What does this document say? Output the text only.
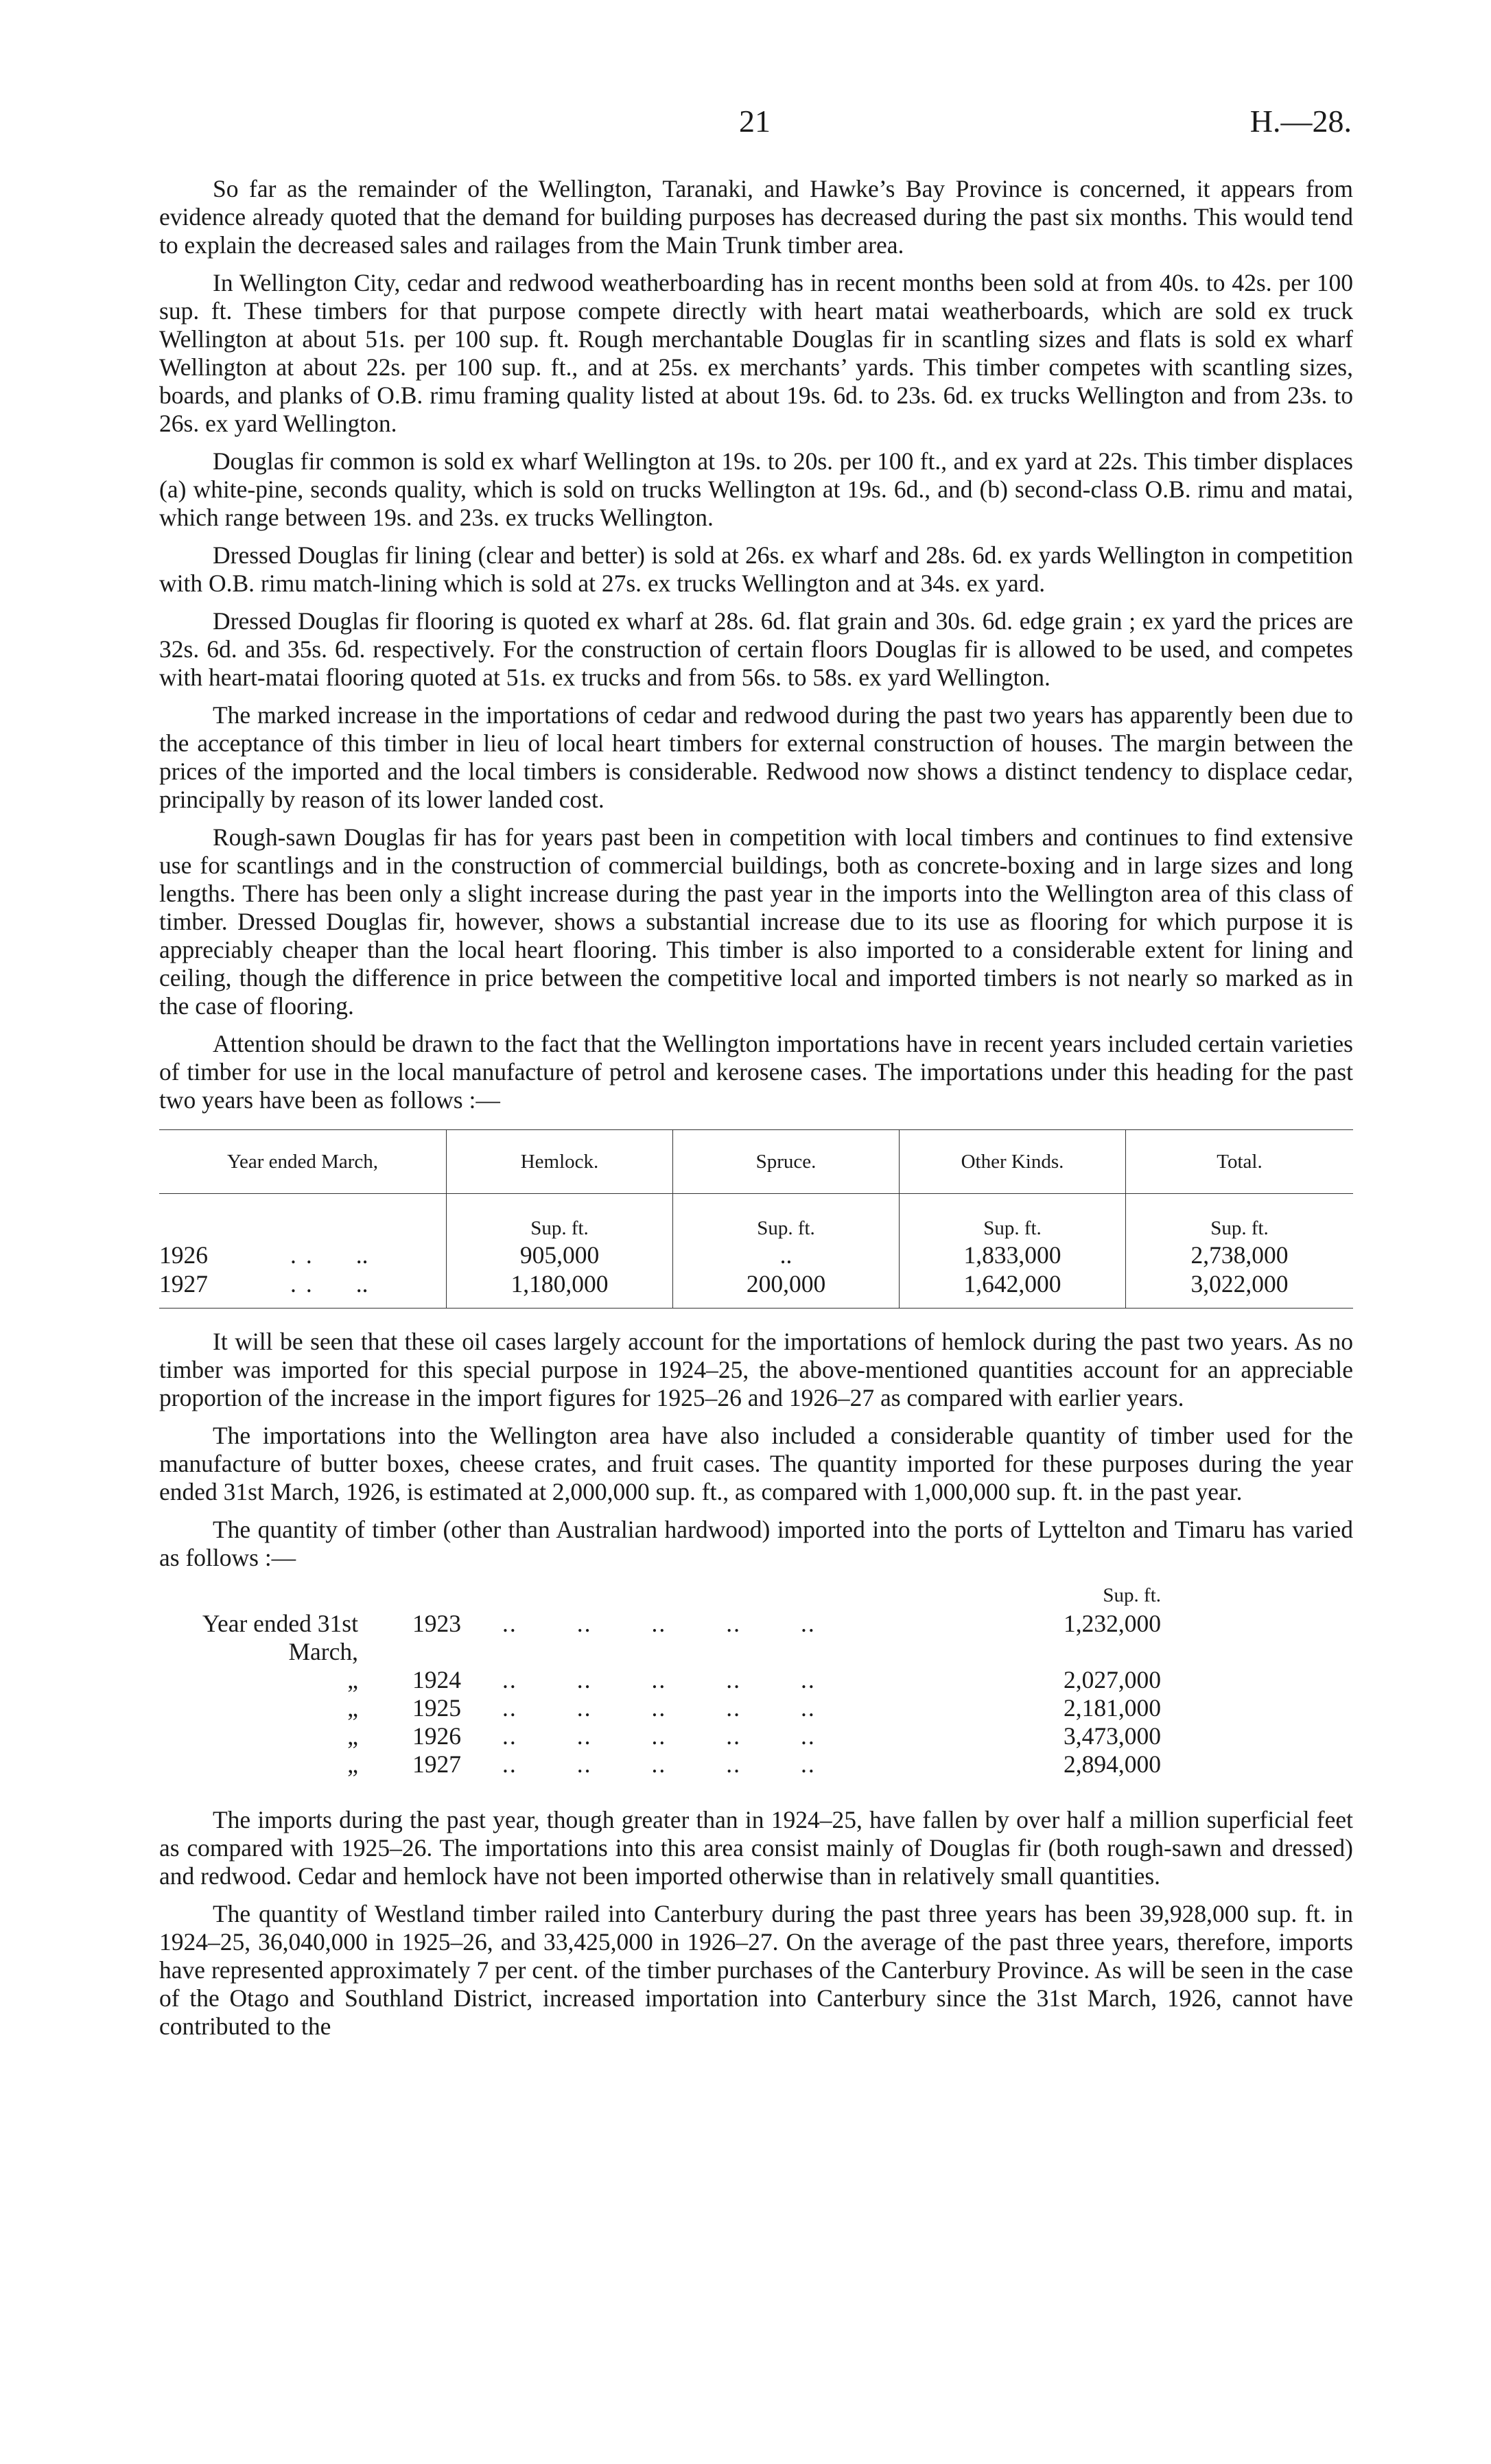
21	H.—28.

So far as the remainder of the Wellington, Taranaki, and Hawke’s Bay Province is concerned, it appears from evidence already quoted that the demand for building purposes has decreased during the past six months. This would tend to explain the decreased sales and railages from the Main Trunk timber area.

In Wellington City, cedar and redwood weatherboarding has in recent months been sold at from 40s. to 42s. per 100 sup. ft. These timbers for that purpose compete directly with heart matai weatherboards, which are sold ex truck Wellington at about 51s. per 100 sup. ft. Rough merchantable Douglas fir in scantling sizes and flats is sold ex wharf Wellington at about 22s. per 100 sup. ft., and at 25s. ex merchants’ yards. This timber competes with scantling sizes, boards, and planks of O.B. rimu framing quality listed at about 19s. 6d. to 23s. 6d. ex trucks Wellington and from 23s. to 26s. ex yard Wellington.

Douglas fir common is sold ex wharf Wellington at 19s. to 20s. per 100 ft., and ex yard at 22s. This timber displaces (a) white-pine, seconds quality, which is sold on trucks Wellington at 19s. 6d., and (b) second-class O.B. rimu and matai, which range between 19s. and 23s. ex trucks Wellington.

Dressed Douglas fir lining (clear and better) is sold at 26s. ex wharf and 28s. 6d. ex yards Wellington in competition with O.B. rimu match-lining which is sold at 27s. ex trucks Wellington and at 34s. ex yard.

Dressed Douglas fir flooring is quoted ex wharf at 28s. 6d. flat grain and 30s. 6d. edge grain ; ex yard the prices are 32s. 6d. and 35s. 6d. respectively. For the construction of certain floors Douglas fir is allowed to be used, and competes with heart-matai flooring quoted at 51s. ex trucks and from 56s. to 58s. ex yard Wellington.

The marked increase in the importations of cedar and redwood during the past two years has apparently been due to the acceptance of this timber in lieu of local heart timbers for external construction of houses. The margin between the prices of the imported and the local timbers is considerable. Redwood now shows a distinct tendency to displace cedar, principally by reason of its lower landed cost.

Rough-sawn Douglas fir has for years past been in competition with local timbers and continues to find extensive use for scantlings and in the construction of commercial buildings, both as concrete-boxing and in large sizes and long lengths. There has been only a slight increase during the past year in the imports into the Wellington area of this class of timber. Dressed Douglas fir, however, shows a substantial increase due to its use as flooring for which purpose it is appreciably cheaper than the local heart flooring. This timber is also imported to a considerable extent for lining and ceiling, though the difference in price between the competitive local and imported timbers is not nearly so marked as in the case of flooring.

Attention should be drawn to the fact that the Wellington importations have in recent years included certain varieties of timber for use in the local manufacture of petrol and kerosene cases. The importations under this heading for the past two years have been as follows :—

Year ended March,	Hemlock.	Spruce.	Other Kinds.	Total.
Sup. ft.	Sup. ft.	Sup. ft.	Sup. ft.
1926	.. ..	905,000	..	1,833,000	2,738,000
1927	.. ..	1,180,000	200,000	1,642,000	3,022,000

It will be seen that these oil cases largely account for the importations of hemlock during the past two years. As no timber was imported for this special purpose in 1924–25, the above-mentioned quantities account for an appreciable proportion of the increase in the import figures for 1925–26 and 1926–27 as compared with earlier years.

The importations into the Wellington area have also included a considerable quantity of timber used for the manufacture of butter boxes, cheese crates, and fruit cases. The quantity imported for these purposes during the year ended 31st March, 1926, is estimated at 2,000,000 sup. ft., as compared with 1,000,000 sup. ft. in the past year.

The quantity of timber (other than Australian hardwood) imported into the ports of Lyttelton and Timaru has varied as follows :—

Sup. ft.
Year ended 31st March,
1923	..        ..        ..        ..        ..	1,232,000
„	1924	..        ..        ..        ..        ..	2,027,000
„	1925	..        ..        ..        ..        ..	2,181,000
„	1926	..        ..        ..        ..        ..	3,473,000
„	1927	..        ..        ..        ..        ..	2,894,000

The imports during the past year, though greater than in 1924–25, have fallen by over half a million superficial feet as compared with 1925–26. The importations into this area consist mainly of Douglas fir (both rough-sawn and dressed) and redwood. Cedar and hemlock have not been imported otherwise than in relatively small quantities.

The quantity of Westland timber railed into Canterbury during the past three years has been 39,928,000 sup. ft. in 1924–25, 36,040,000 in 1925–26, and 33,425,000 in 1926–27. On the average of the past three years, therefore, imports have represented approximately 7 per cent. of the timber purchases of the Canterbury Province. As will be seen in the case of the Otago and Southland District, increased importation into Canterbury since the 31st March, 1926, cannot have contributed to the
